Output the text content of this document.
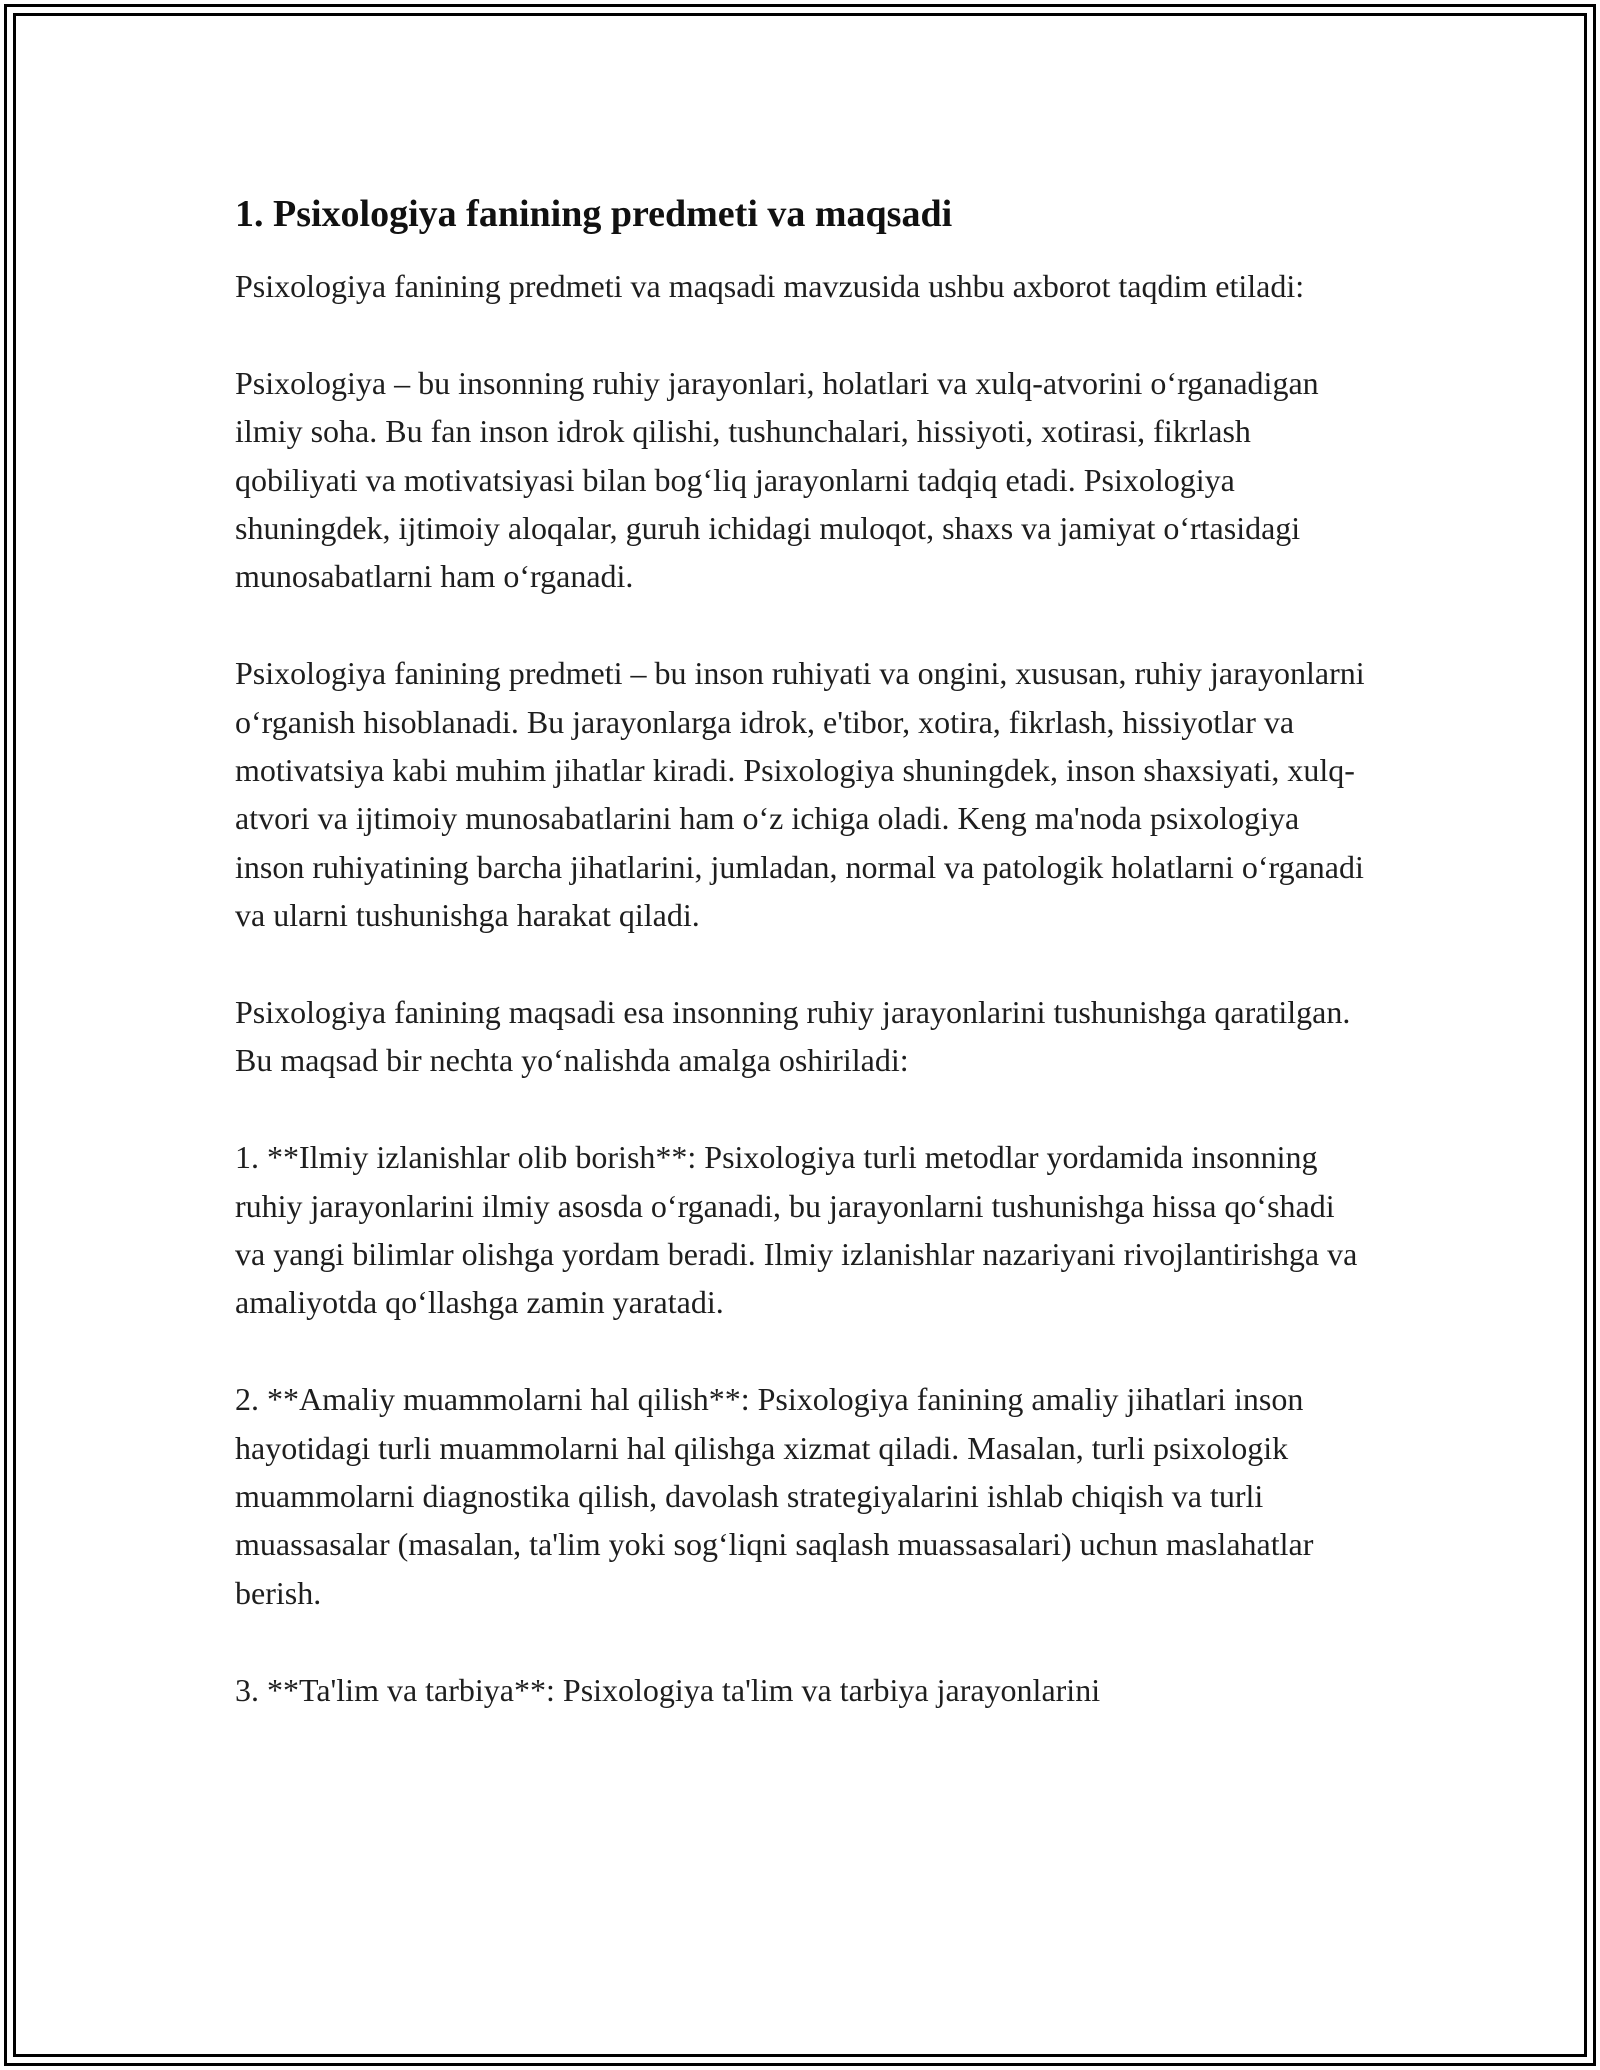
1. Psixologiya fanining predmeti va maqsadi

Psixologiya fanining predmeti va maqsadi mavzusida ushbu axborot taqdim etiladi:

Psixologiya – bu insonning ruhiy jarayonlari, holatlari va xulq-atvorini o‘rganadigan ilmiy soha. Bu fan inson idrok qilishi, tushunchalari, hissiyoti, xotirasi, fikrlash qobiliyati va motivatsiyasi bilan bog‘liq jarayonlarni tadqiq etadi. Psixologiya shuningdek, ijtimoiy aloqalar, guruh ichidagi muloqot, shaxs va jamiyat o‘rtasidagi munosabatlarni ham o‘rganadi.

Psixologiya fanining predmeti – bu inson ruhiyati va ongini, xususan, ruhiy jarayonlarni o‘rganish hisoblanadi. Bu jarayonlarga idrok, e'tibor, xotira, fikrlash, hissiyotlar va motivatsiya kabi muhim jihatlar kiradi. Psixologiya shuningdek, inson shaxsiyati, xulq-atvori va ijtimoiy munosabatlarini ham o‘z ichiga oladi. Keng ma'noda psixologiya inson ruhiyatining barcha jihatlarini, jumladan, normal va patologik holatlarni o‘rganadi va ularni tushunishga harakat qiladi.

Psixologiya fanining maqsadi esa insonning ruhiy jarayonlarini tushunishga qaratilgan. Bu maqsad bir nechta yo‘nalishda amalga oshiriladi:

1. **Ilmiy izlanishlar olib borish**: Psixologiya turli metodlar yordamida insonning ruhiy jarayonlarini ilmiy asosda o‘rganadi, bu jarayonlarni tushunishga hissa qo‘shadi va yangi bilimlar olishga yordam beradi. Ilmiy izlanishlar nazariyani rivojlantirishga va amaliyotda qo‘llashga zamin yaratadi.

2. **Amaliy muammolarni hal qilish**: Psixologiya fanining amaliy jihatlari inson hayotidagi turli muammolarni hal qilishga xizmat qiladi. Masalan, turli psixologik muammolarni diagnostika qilish, davolash strategiyalarini ishlab chiqish va turli muassasalar (masalan, ta'lim yoki sog‘liqni saqlash muassasalari) uchun maslahatlar berish.

3. **Ta'lim va tarbiya**: Psixologiya ta'lim va tarbiya jarayonlarini
